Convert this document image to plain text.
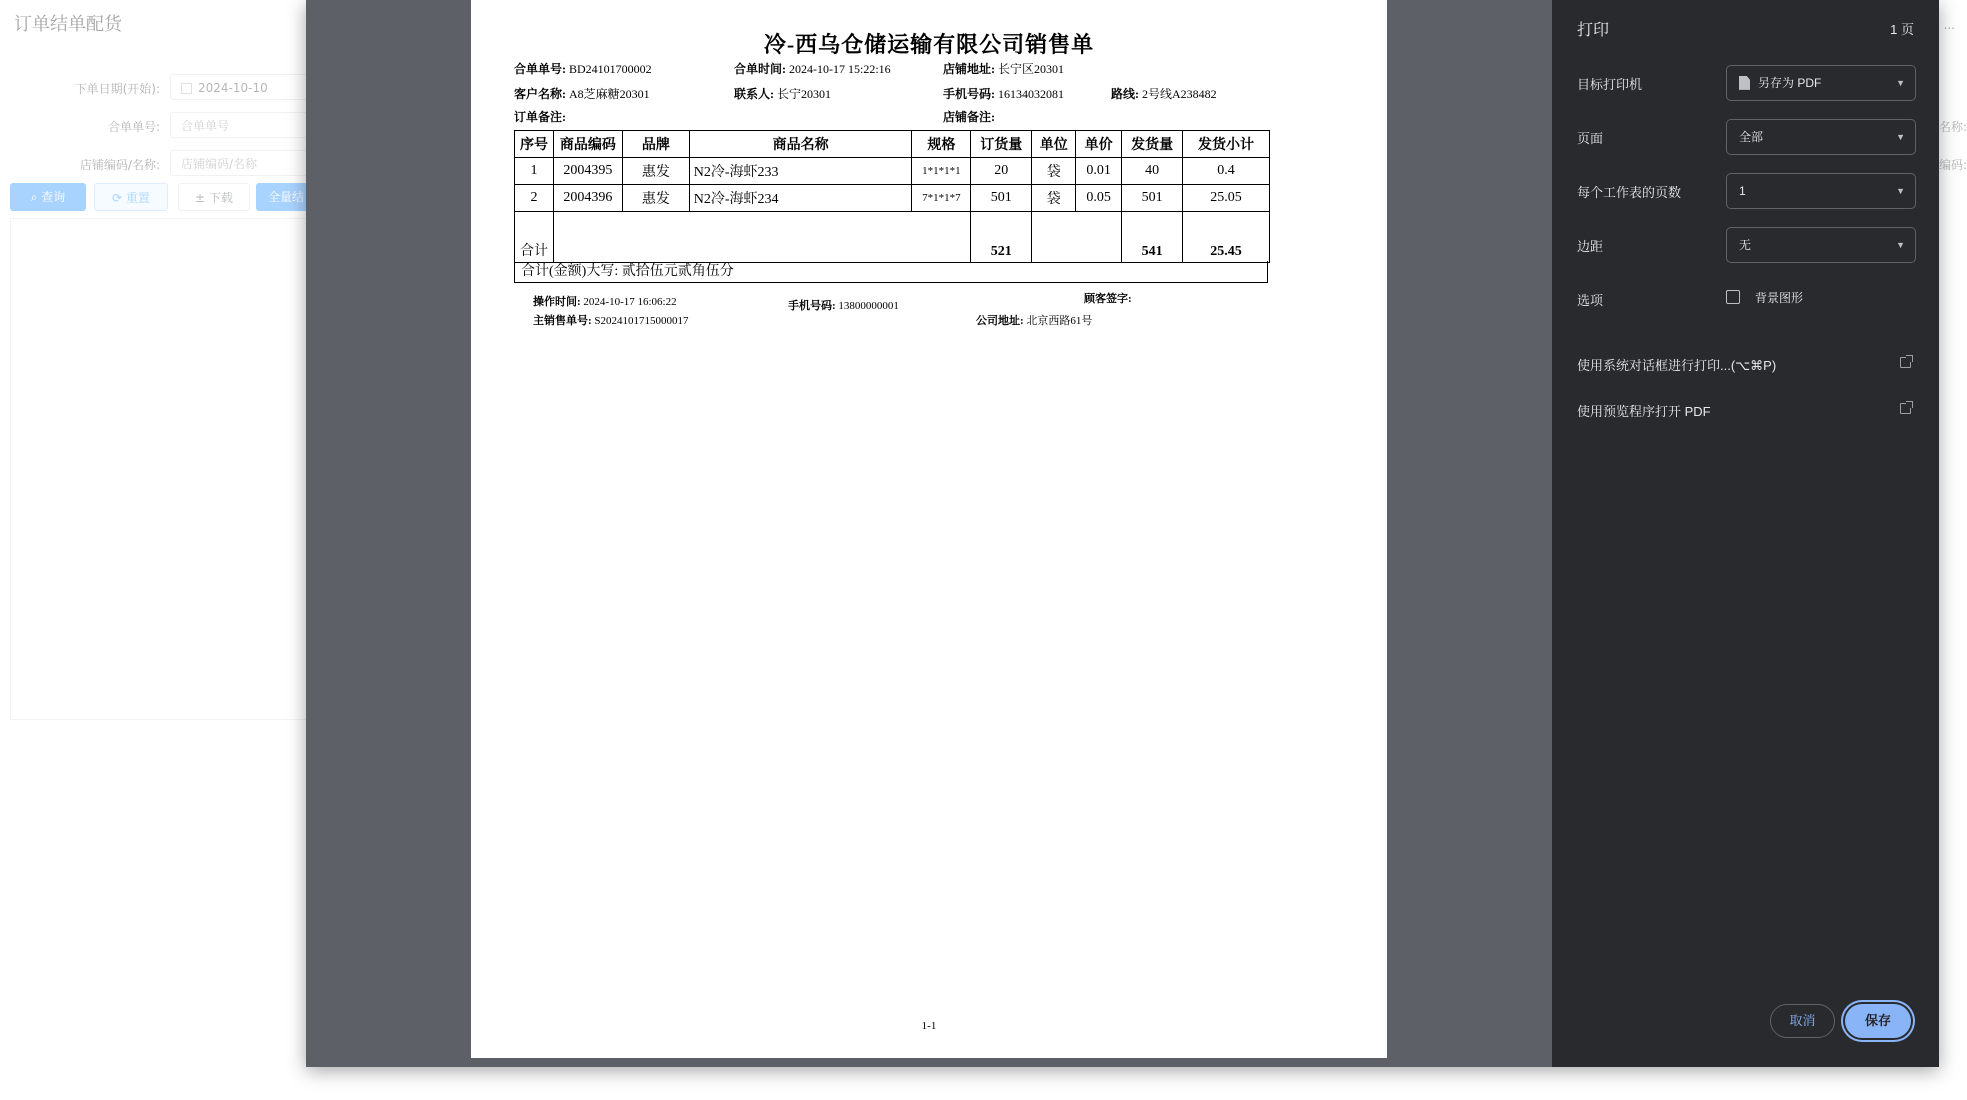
冷-西乌仓储运输有限公司销售单
合单单号: BD24101700002	合单时间: 2024-10-17 15:22:16	店铺地址: 长宁区20301
客户名称: A8芝麻糖20301	联系人: 长宁20301	手机号码: 16134032081	路线: 2号线A238482
订单备注:	店铺备注:
序号	商品编码	品牌	商品名称	规格	订货量	单位	单价	发货量	发货小计
1	2004395	惠发	N2冷-海虾233	1*1*1*1	20	袋	0.01	40	0.4
2	2004396	惠发	N2冷-海虾234	7*1*1*7	501	袋	0.05	501	25.05
合计					521			541	25.45
合计(金额)大写: 贰拾伍元贰角伍分
操作时间: 2024-10-17 16:06:22	手机号码: 13800000001
顾客签字:
主销售单号: S2024101715000017	公司地址: 北京西路61号
1-1
打印	1 页
目标打印机	另存为 PDF	▼
页面	全部	▼
每个工作表的页数	1	▼
边距	无	▼
选项	背景图形
使用系统对话框进行打印...(⌥⌘P)
使用预览程序打开 PDF
取消	保存
